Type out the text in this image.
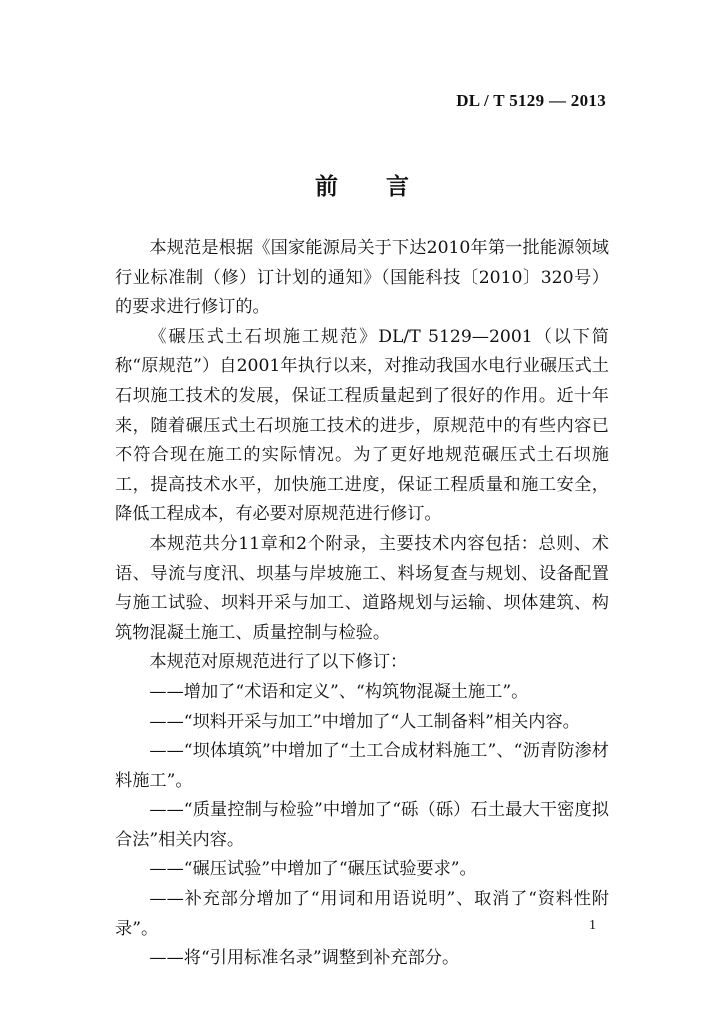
DL / T 5129 — 2013
前言

本规范是根据《国家能源局关于下达2010年第一批能源领域行业标准制（修）订计划的通知》（国能科技〔2010〕320号）的要求进行修订的。

《碾压式土石坝施工规范》DL/T 5129—2001（以下简称“原规范”）自2001年执行以来，对推动我国水电行业碾压式土石坝施工技术的发展，保证工程质量起到了很好的作用。近十年来，随着碾压式土石坝施工技术的进步，原规范中的有些内容已不符合现在施工的实际情况。为了更好地规范碾压式土石坝施工，提高技术水平，加快施工进度，保证工程质量和施工安全，降低工程成本，有必要对原规范进行修订。

本规范共分11章和2个附录，主要技术内容包括：总则、术语、导流与度汛、坝基与岸坡施工、料场复查与规划、设备配置与施工试验、坝料开采与加工、道路规划与运输、坝体建筑、构筑物混凝土施工、质量控制与检验。

本规范对原规范进行了以下修订：

——增加了“术语和定义”、“构筑物混凝土施工”。

——“坝料开采与加工”中增加了“人工制备料”相关内容。

——“坝体填筑”中增加了“土工合成材料施工”、“沥青防渗材料施工”。

——“质量控制与检验”中增加了“砾（砾）石土最大干密度拟合法”相关内容。

——“碾压试验”中增加了“碾压试验要求”。

——补充部分增加了“用词和用语说明”、取消了“资料性附录”。

——将“引用标准名录”调整到补充部分。

1
